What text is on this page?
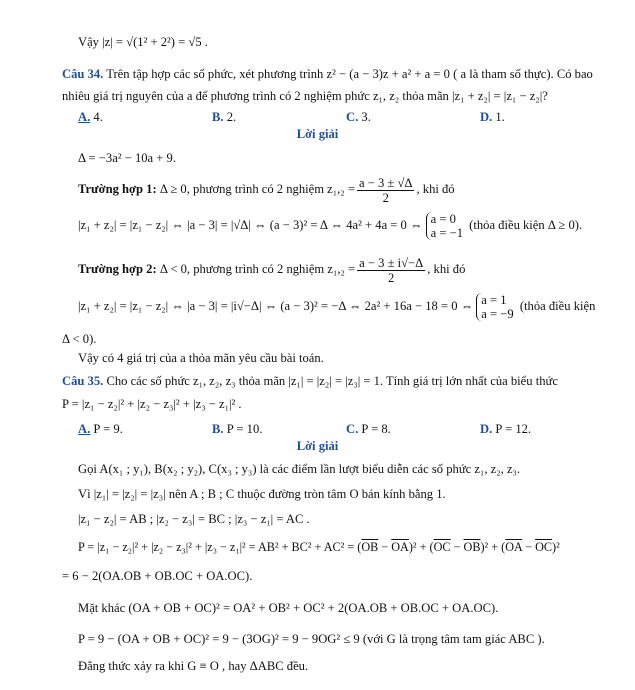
Vậy |z| = √(1² + 2²) = √5 .
Câu 34. Trên tập hợp các số phức, xét phương trình z² − (a − 3)z + a² + a = 0 ( a là tham số thực). Có bao
nhiêu giá trị nguyên của a để phương trình có 2 nghiệm phức z₁, z₂ thỏa mãn |z₁ + z₂| = |z₁ − z₂|?
A. 4.	B. 2.	C. 3.	D. 1.
Lời giải
Δ = −3a² − 10a + 9.
Trường hợp 1: Δ ≥ 0, phương trình có 2 nghiệm $z_1,_2 = \frac{a - 3 \pm √\Delta}{2}$ , khi đó
|z₁ + z₂| = |z₁ − z₂| ⇔ |a − 3| = |√Δ| ⇔ (a − 3)² = Δ ⇔ 4a² + 4a = 0 ⇔ a = 0
a = −1
(thỏa điều kiện Δ ≥ 0).
Trường hợp 2: Δ < 0, phương trình có 2 nghiệm $z_1,_2 = \frac{a - 3 \pm i√-\Delta}{2}$ , khi đó
|z₁ + z₂| = |z₁ − z₂| ⇔ |a − 3| = |i√−Δ| ⇔ (a − 3)² = −Δ ⇔ 2a² + 16a − 18 = 0 ⇔ a = 1
a = −9
(thỏa điều kiện
Δ < 0).
Vậy có 4 giá trị của a thỏa mãn yêu cầu bài toán.
Câu 35. Cho các số phức z₁, z₂, z₃ thỏa mãn |z₁| = |z₂| = |z₃| = 1. Tính giá trị lớn nhất của biểu thức
P = |z₁ − z₂|² + |z₂ − z₃|² + |z₃ − z₁|² .
A. P = 9.	B. P = 10.	C. P = 8.	D. P = 12.
Lời giải
Gọi A(x₁ ; y₁), B(x₂ ; y₂), C(x₃ ; y₃) là các điểm lần lượt biểu diễn các số phức z₁, z₂, z₃.
Vì |z₁| = |z₂| = |z₃| nên A ; B ; C thuộc đường tròn tâm O bán kính bằng 1.
|z₁ − z₂| = AB ; |z₂ − z₃| = BC ; |z₃ − z₁| = AC .
$P = |z_1 - z_2|^2 + |z_2 - z_3|^2 + |z_3 - z_1|^2 = AB^2 + BC^2 + AC^2 = (\overline{OB} - \overline{OA})^2 + (\overline{OC} - \overline{OB})^2 + (\overline{OA} - \overline{OC})^2$
= 6 − 2(OA.OB + OB.OC + OA.OC).
Mặt khác (OA + OB + OC)² = OA² + OB² + OC² + 2(OA.OB + OB.OC + OA.OC).
P = 9 − (OA + OB + OC)² = 9 − (3OG)² = 9 − 9OG² ≤ 9 (với G là trọng tâm tam giác ABC ).
Đẳng thức xảy ra khi G ≡ O , hay ΔABC đều.
